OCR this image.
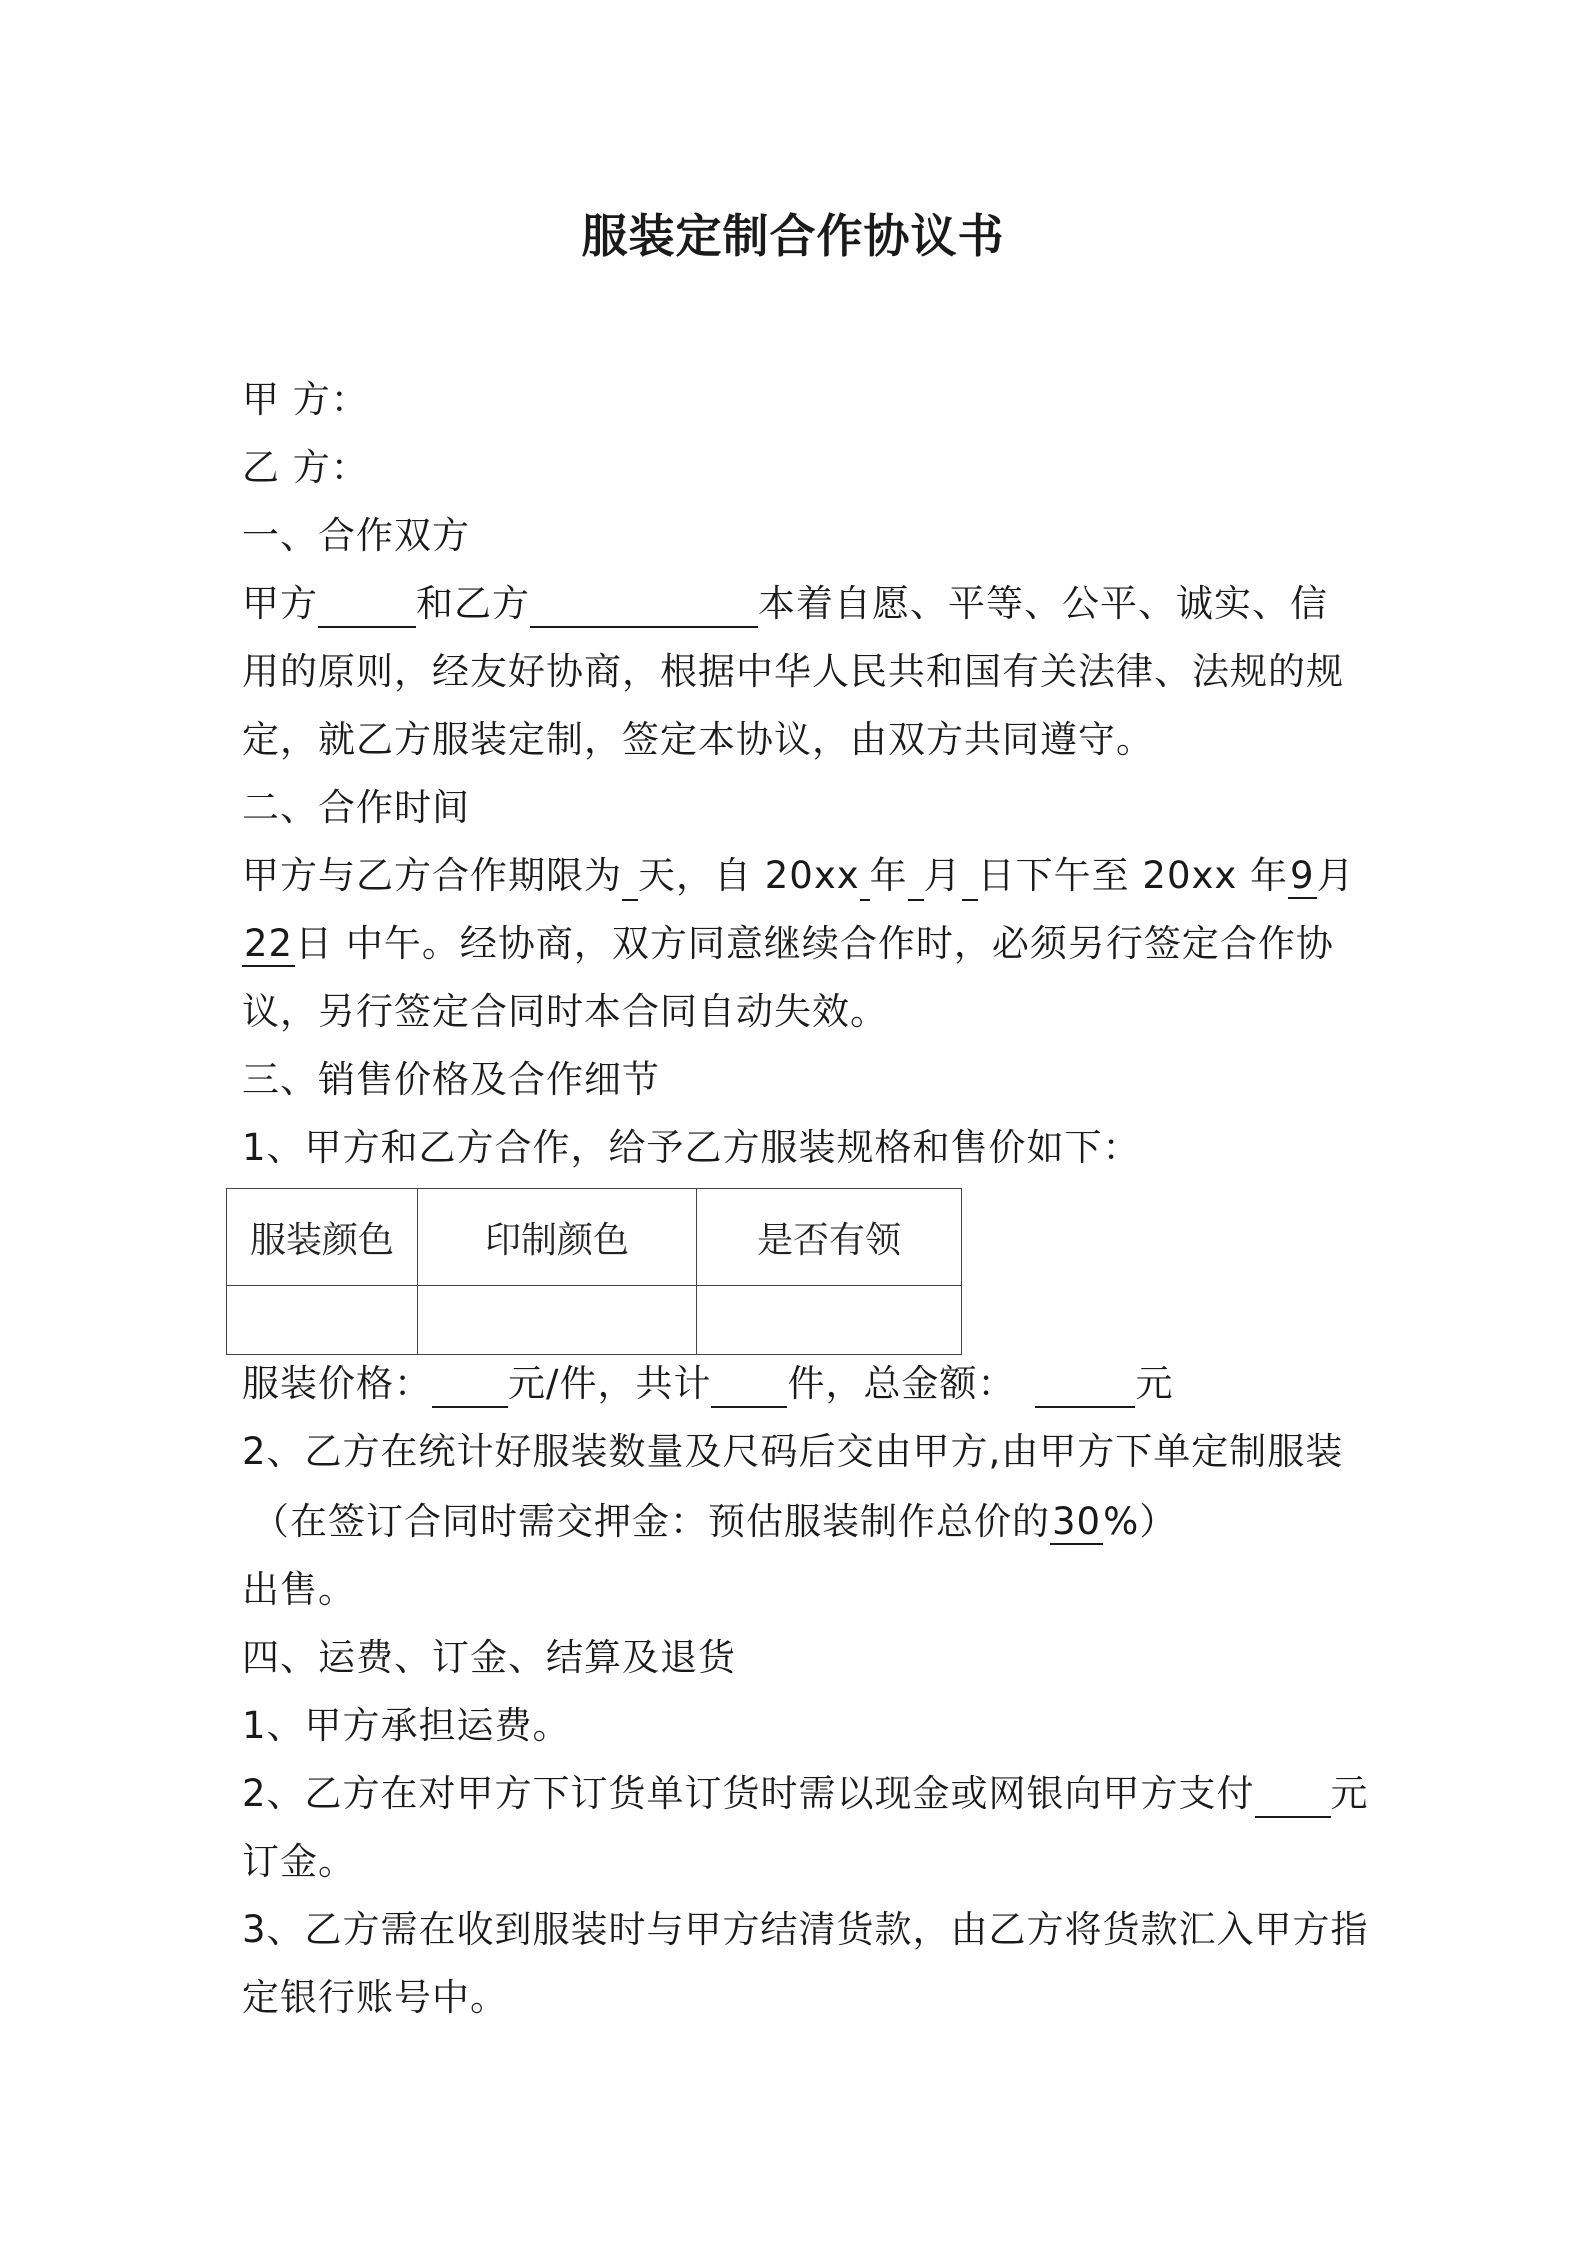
服装定制合作协议书
甲 方：
乙 方：
一、合作双方
甲方	和乙方	本着自愿、平等、公平、诚实、信
用的原则，经友好协商，根据中华人民共和国有关法律、法规的规
定，就乙方服装定制，签定本协议，由双方共同遵守。
二、合作时间
甲方与乙方合作期限为 天，自 20xx 年 月 日下午至 20xx 年9月
22日 中午。经协商，双方同意继续合作时，必须另行签定合作协
议，另行签定合同时本合同自动失效。
三、销售价格及合作细节
1、甲方和乙方合作，给予乙方服装规格和售价如下：
服装颜色	印制颜色	是否有领

服装价格： 元/件，共计 件，总金额：	元
2、乙方在统计好服装数量及尺码后交由甲方,由甲方下单定制服装
（在签订合同时需交押金：预估服装制作总价的30%）
出售。
四、运费、订金、结算及退货
1、甲方承担运费。
2、乙方在对甲方下订货单订货时需以现金或网银向甲方支付 元
订金。
3、乙方需在收到服装时与甲方结清货款，由乙方将货款汇入甲方指
定银行账号中。
